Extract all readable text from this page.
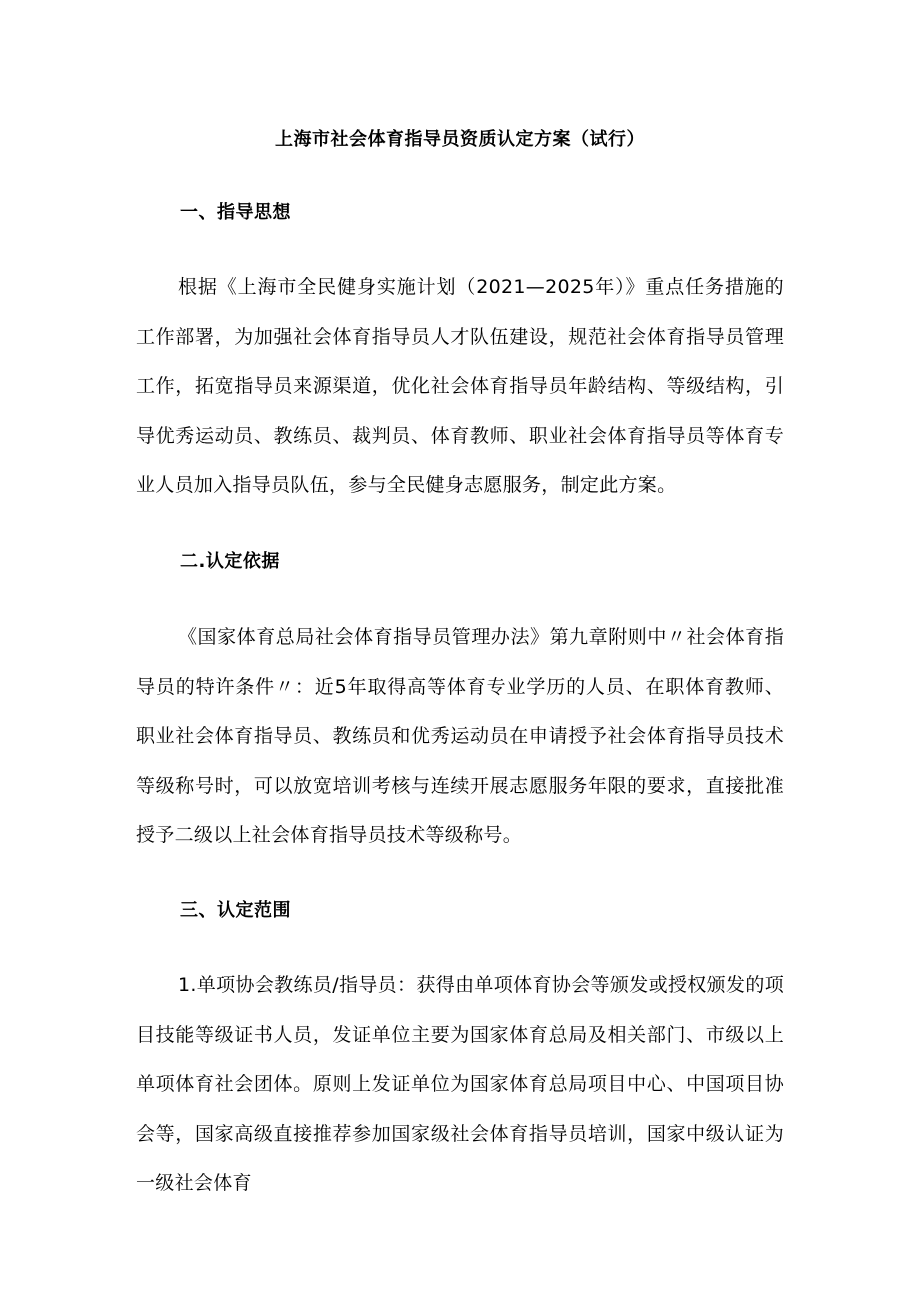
上海市社会体育指导员资质认定方案（试行）
一、指导思想
根据《上海市全民健身实施计划（2021—2025年）》重点任务措施的工作部署，为加强社会体育指导员人才队伍建设，规范社会体育指导员管理工作，拓宽指导员来源渠道，优化社会体育指导员年龄结构、等级结构，引导优秀运动员、教练员、裁判员、体育教师、职业社会体育指导员等体育专业人员加入指导员队伍，参与全民健身志愿服务，制定此方案。
二.认定依据
《国家体育总局社会体育指导员管理办法》第九章附则中〃社会体育指导员的特许条件〃：近5年取得高等体育专业学历的人员、在职体育教师、职业社会体育指导员、教练员和优秀运动员在申请授予社会体育指导员技术等级称号时，可以放宽培训考核与连续开展志愿服务年限的要求，直接批准授予二级以上社会体育指导员技术等级称号。
三、认定范围
1.单项协会教练员/指导员：获得由单项体育协会等颁发或授权颁发的项目技能等级证书人员，发证单位主要为国家体育总局及相关部门、市级以上单项体育社会团体。原则上发证单位为国家体育总局项目中心、中国项目协会等，国家高级直接推荐参加国家级社会体育指导员培训，国家中级认证为一级社会体育
